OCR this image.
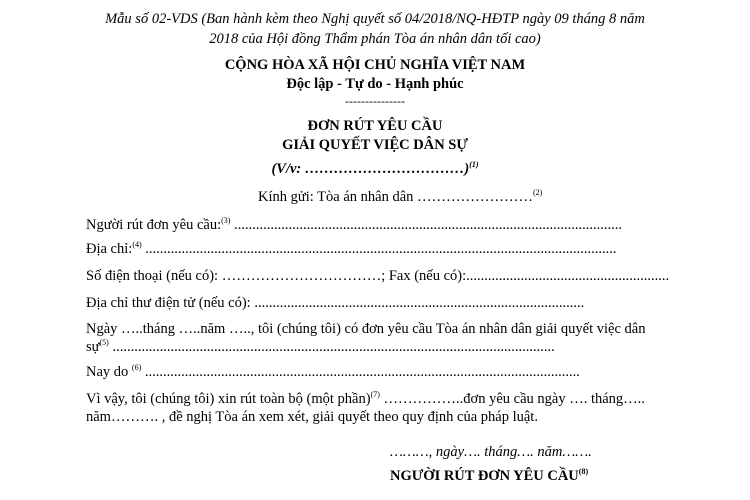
Mẫu số 02-VDS (Ban hành kèm theo Nghị quyết số 04/2018/NQ-HĐTP ngày 09 tháng 8 năm
2018 của Hội đồng Thẩm phán Tòa án nhân dân tối cao)
CỘNG HÒA XÃ HỘI CHỦ NGHĨA VIỆT NAM
Độc lập - Tự do - Hạnh phúc
---------------
ĐƠN RÚT YÊU CẦU
GIẢI QUYẾT VIỆC DÂN SỰ
(V/v: ……………………………)$^{(1)}$
Kính gửi: Tòa án nhân dân ……………………$^{(2)}$
Người rút đơn yêu cầu:$^{(3)}$ ...........................................................................................................
Địa chỉ:$^{(4)}$ ..................................................................................................................................
Số điện thoại (nếu có): ……………………………; Fax (nếu có):........................................................
Địa chỉ thư điện tử (nếu có): ...........................................................................................
Ngày …..tháng …..năm ….., tôi (chúng tôi) có đơn yêu cầu Tòa án nhân dân giải quyết việc dân
sự$^{(5)}$ ..........................................................................................................................
Nay do $^{(6)}$ ........................................................................................................................
Vì vậy, tôi (chúng tôi) xin rút toàn bộ (một phần)$^{(7)}$ ……………..đơn yêu cầu ngày …. tháng…..
năm………. , đề nghị Tòa án xem xét, giải quyết theo quy định của pháp luật.
………, ngày…. tháng…. năm…….
NGƯỜI RÚT ĐƠN YÊU CẦU$^{(8)}$
